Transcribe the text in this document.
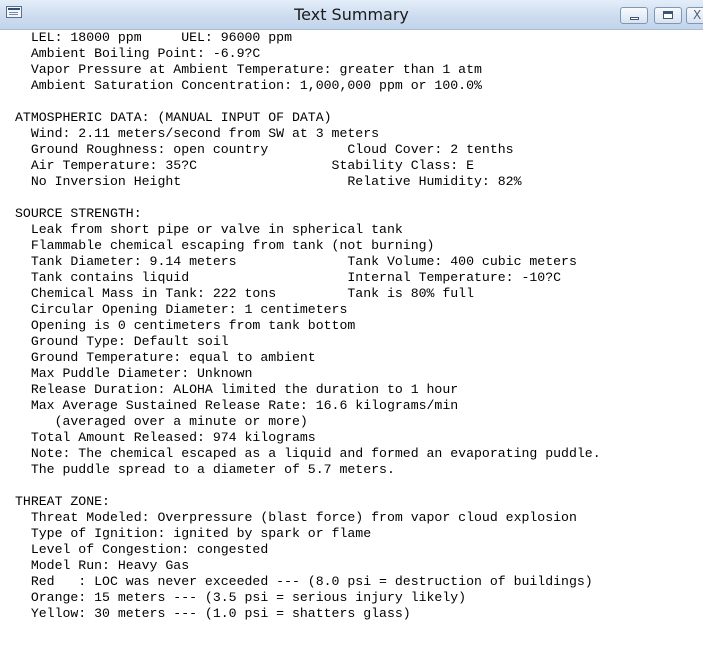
Text Summary	X
LEL: 18000 ppm     UEL: 96000 ppm
Ambient Boiling Point: -6.9?C
Vapor Pressure at Ambient Temperature: greater than 1 atm
Ambient Saturation Concentration: 1,000,000 ppm or 100.0%
ATMOSPHERIC DATA: (MANUAL INPUT OF DATA)
Wind: 2.11 meters/second from SW at 3 meters
Ground Roughness: open country          Cloud Cover: 2 tenths
Air Temperature: 35?C                 Stability Class: E
No Inversion Height                     Relative Humidity: 82%
SOURCE STRENGTH:
Leak from short pipe or valve in spherical tank
Flammable chemical escaping from tank (not burning)
Tank Diameter: 9.14 meters              Tank Volume: 400 cubic meters
Tank contains liquid                    Internal Temperature: -10?C
Chemical Mass in Tank: 222 tons         Tank is 80% full
Circular Opening Diameter: 1 centimeters
Opening is 0 centimeters from tank bottom
Ground Type: Default soil
Ground Temperature: equal to ambient
Max Puddle Diameter: Unknown
Release Duration: ALOHA limited the duration to 1 hour
Max Average Sustained Release Rate: 16.6 kilograms/min
(averaged over a minute or more)
Total Amount Released: 974 kilograms
Note: The chemical escaped as a liquid and formed an evaporating puddle.
The puddle spread to a diameter of 5.7 meters.
THREAT ZONE:
Threat Modeled: Overpressure (blast force) from vapor cloud explosion
Type of Ignition: ignited by spark or flame
Level of Congestion: congested
Model Run: Heavy Gas
Red   : LOC was never exceeded --- (8.0 psi = destruction of buildings)
Orange: 15 meters --- (3.5 psi = serious injury likely)
Yellow: 30 meters --- (1.0 psi = shatters glass)
